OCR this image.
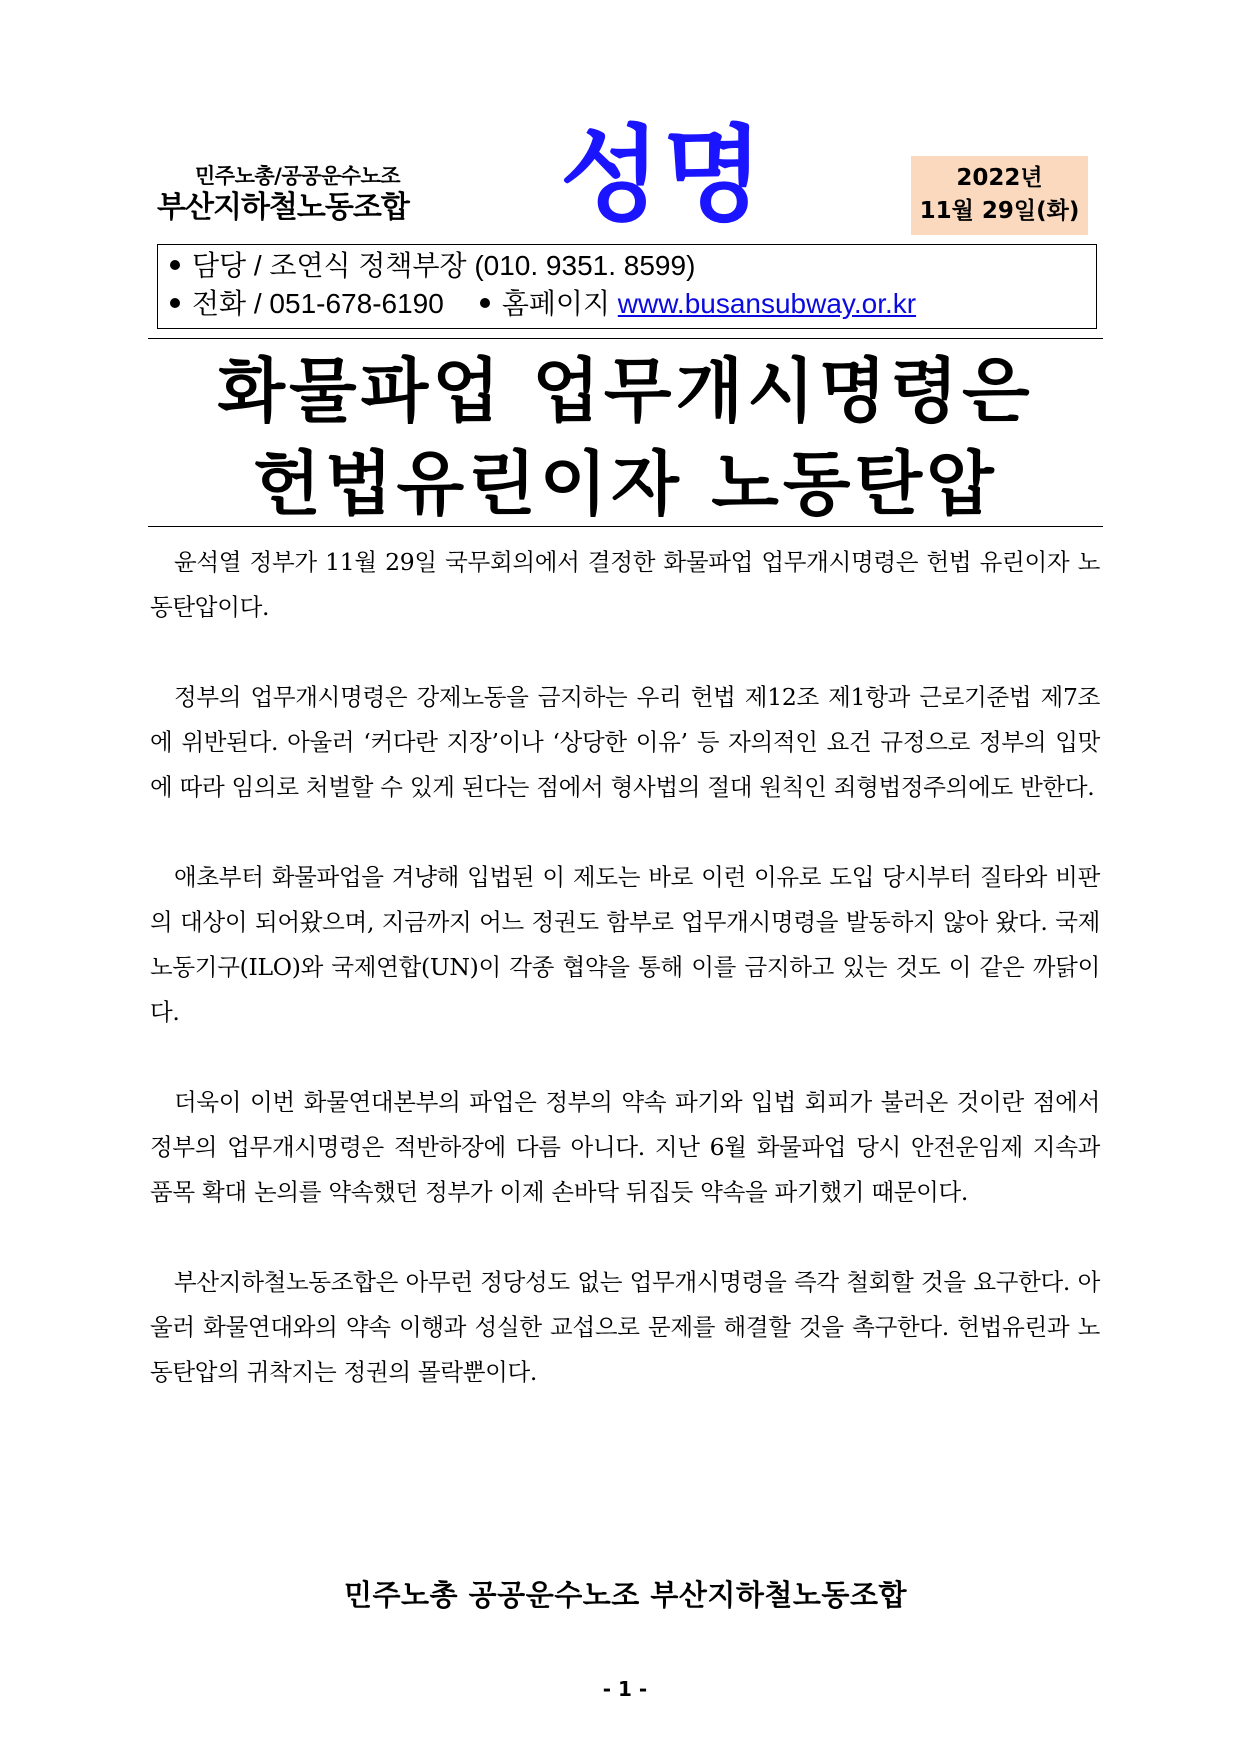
민주노총/공공운수노조
부산지하철노동조합	성명	2022년
11월 29일(화)
담당 / 조연식 정책부장 (010. 9351. 8599)
전화 / 051-678-6190 홈페이지 www.busansubway.or.kr
화물파업 업무개시명령은
헌법유린이자 노동탄압

윤석열 정부가 11월 29일 국무회의에서 결정한 화물파업 업무개시명령은 헌법 유린이자 노동탄압이다.

정부의 업무개시명령은 강제노동을 금지하는 우리 헌법 제12조 제1항과 근로기준법 제7조에 위반된다. 아울러 ‘커다란 지장’이나 ‘상당한 이유’ 등 자의적인 요건 규정으로 정부의 입맛에 따라 임의로 처벌할 수 있게 된다는 점에서 형사법의 절대 원칙인 죄형법정주의에도 반한다.

애초부터 화물파업을 겨냥해 입법된 이 제도는 바로 이런 이유로 도입 당시부터 질타와 비판의 대상이 되어왔으며, 지금까지 어느 정권도 함부로 업무개시명령을 발동하지 않아 왔다. 국제노동기구(ILO)와 국제연합(UN)이 각종 협약을 통해 이를 금지하고 있는 것도 이 같은 까닭이다.

더욱이 이번 화물연대본부의 파업은 정부의 약속 파기와 입법 회피가 불러온 것이란 점에서 정부의 업무개시명령은 적반하장에 다름 아니다. 지난 6월 화물파업 당시 안전운임제 지속과 품목 확대 논의를 약속했던 정부가 이제 손바닥 뒤집듯 약속을 파기했기 때문이다.

부산지하철노동조합은 아무런 정당성도 없는 업무개시명령을 즉각 철회할 것을 요구한다. 아울러 화물연대와의 약속 이행과 성실한 교섭으로 문제를 해결할 것을 촉구한다. 헌법유린과 노동탄압의 귀착지는 정권의 몰락뿐이다.

민주노총 공공운수노조 부산지하철노동조합
- 1 -
